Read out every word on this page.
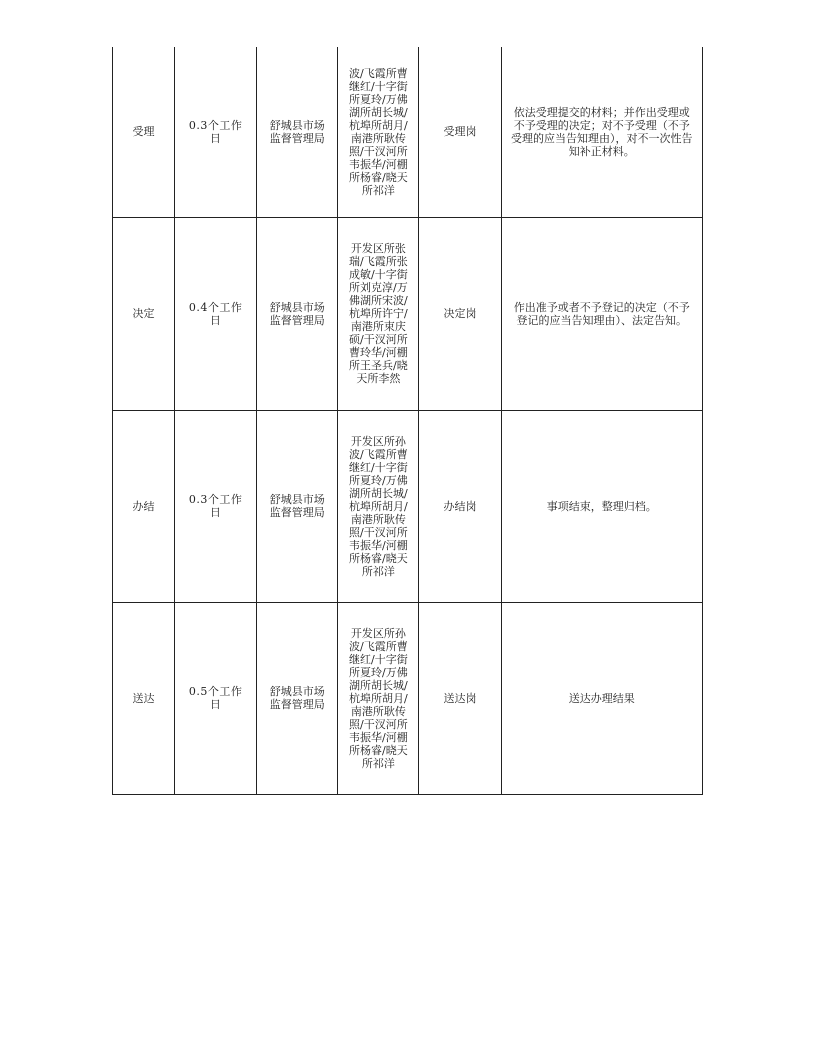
受理	0.3个工作日	舒城县市场监督管理局	波/飞霞所曹继红/十字街所夏玲/万佛湖所胡长城/杭埠所胡月/南港所耿传照/干汊河所韦振华/河棚所杨睿/晓天所祁洋	受理岗	依法受理提交的材料；并作出受理或不予受理的决定；对不予受理（不予受理的应当告知理由），对不一次性告知补正材料。
决定	0.4个工作日	舒城县市场监督管理局	开发区所张瑞/飞霞所张成敏/十字街所刘克淳/万佛湖所宋波/杭埠所许宁/南港所束庆硕/干汊河所曹玲华/河棚所王圣兵/晓天所李然	决定岗	作出准予或者不予登记的决定（不予登记的应当告知理由）、法定告知。
办结	0.3个工作日	舒城县市场监督管理局	开发区所孙波/飞霞所曹继红/十字街所夏玲/万佛湖所胡长城/杭埠所胡月/南港所耿传照/干汊河所韦振华/河棚所杨睿/晓天所祁洋	办结岗	事项结束，整理归档。
送达	0.5个工作日	舒城县市场监督管理局	开发区所孙波/飞霞所曹继红/十字街所夏玲/万佛湖所胡长城/杭埠所胡月/南港所耿传照/干汊河所韦振华/河棚所杨睿/晓天所祁洋	送达岗	送达办理结果
